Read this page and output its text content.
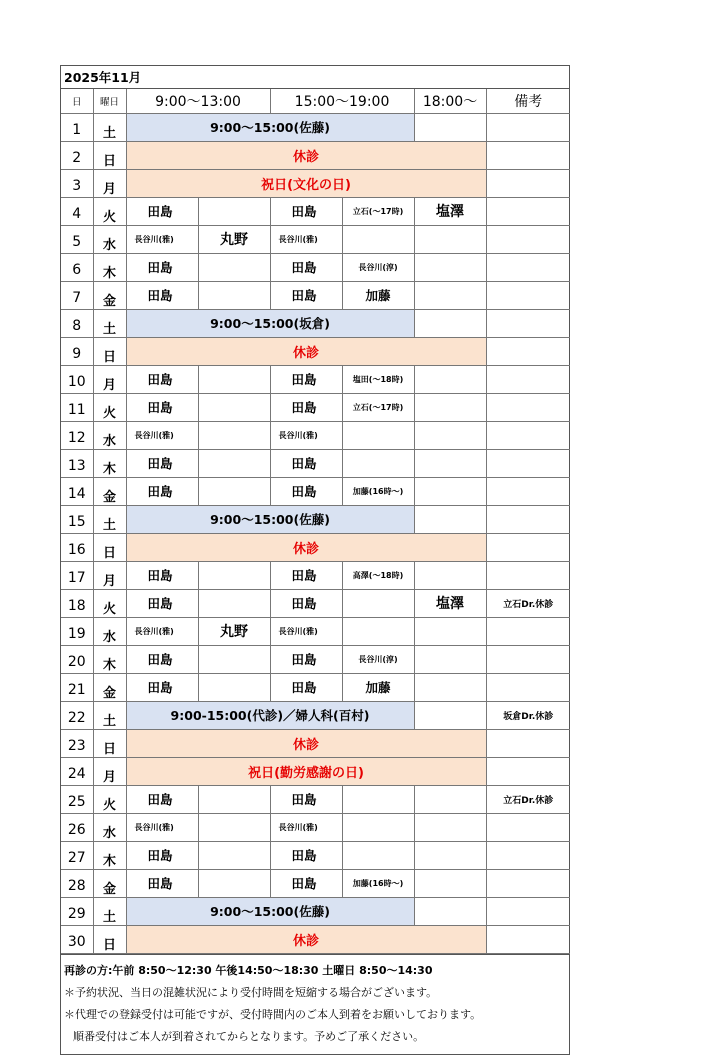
2025年11月
日	曜日	9:00〜13:00		15:00〜19:00		18:00〜	備考
1	土	9:00〜15:00(佐藤)					
2	日	休診					
3	月	祝日(文化の日)					
4	火	田島		田島	立石(〜17時)	塩澤	
5	水	長谷川(雅)	丸野	長谷川(雅)			
6	木	田島		田島	長谷川(淳)		
7	金	田島		田島	加藤		
8	土	9:00〜15:00(坂倉)					
9	日	休診					
10	月	田島		田島	塩田(〜18時)		
11	火	田島		田島	立石(〜17時)		
12	水	長谷川(雅)		長谷川(雅)			
13	木	田島		田島			
14	金	田島		田島	加藤(16時〜)		
15	土	9:00〜15:00(佐藤)					
16	日	休診					
17	月	田島		田島	高澤(〜18時)		
18	火	田島		田島		塩澤	立石Dr.休診
19	水	長谷川(雅)	丸野	長谷川(雅)			
20	木	田島		田島	長谷川(淳)		
21	金	田島		田島	加藤		
22	土	9:00-15:00(代診)／婦人科(百村)					坂倉Dr.休診
23	日	休診					
24	月	祝日(勤労感謝の日)					
25	火	田島		田島			立石Dr.休診
26	水	長谷川(雅)		長谷川(雅)			
27	木	田島		田島			
28	金	田島		田島	加藤(16時〜)		
29	土	9:00〜15:00(佐藤)					
30	日	休診					
再診の方:午前 8:50〜12:30 午後14:50〜18:30 土曜日 8:50〜14:30
＊予約状況、当日の混雑状況により受付時間を短縮する場合がございます。
＊代理での登録受付は可能ですが、受付時間内のご本人到着をお願いしております。
順番受付はご本人が到着されてからとなります。予めご了承ください。
